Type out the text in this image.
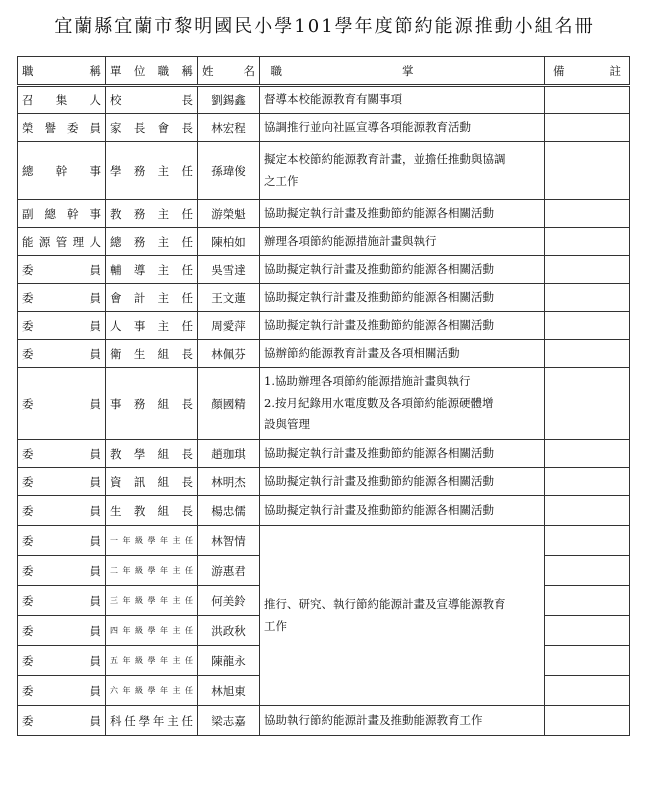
宜蘭縣宜蘭市黎明國民小學101學年度節約能源推動小組名冊
職　　稱	單位職稱	姓　名	職掌	備　註
召　集　人	校　　　長	劉錫鑫	督導本校能源教育有關事項	

榮譽委員	家長會長	林宏程	協調推行並向社區宣導各項能源教育活動	

總　幹　事	學務主任	孫瑋俊	擬定本校節約能源教育計畫，並擔任推動與協調
之工作	

副總幹事	教務主任	游榮魁	協助擬定執行計畫及推動節約能源各相關活動	

能源管理人	總務主任	陳柏如	辦理各項節約能源措施計畫與執行	

委　　員	輔導主任	吳雪達	協助擬定執行計畫及推動節約能源各相關活動	

委　　員	會計主任	王文蓮	協助擬定執行計畫及推動節約能源各相關活動	

委　　員	人事主任	周愛萍	協助擬定執行計畫及推動節約能源各相關活動	

委　　員	衛生組長	林佩芬	協辦節約能源教育計畫及各項相關活動	

委　　員	事務組長	顏國精	1.協助辦理各項節約能源措施計畫與執行
2.按月紀錄用水電度數及各項節約能源硬體增
設與管理	

委　　員	教學組長	趙珈琪	協助擬定執行計畫及推動節約能源各相關活動	

委　　員	資訊組長	林明杰	協助擬定執行計畫及推動節約能源各相關活動	

委　　員	生教組長	楊忠儒	協助擬定執行計畫及推動節約能源各相關活動	

委　　員	一年級學年主任	林智情	推行、研究、執行節約能源計畫及宣導能源教育
工作	

委　　員	二年級學年主任	游惠君		
委　　員	三年級學年主任	何美鈴		
委　　員	四年級學年主任	洪政秋		
委　　員	五年級學年主任	陳龍永		
委　　員	六年級學年主任	林旭東		
委　　員	科任學年主任	梁志嘉	協助執行節約能源計畫及推動能源教育工作	
